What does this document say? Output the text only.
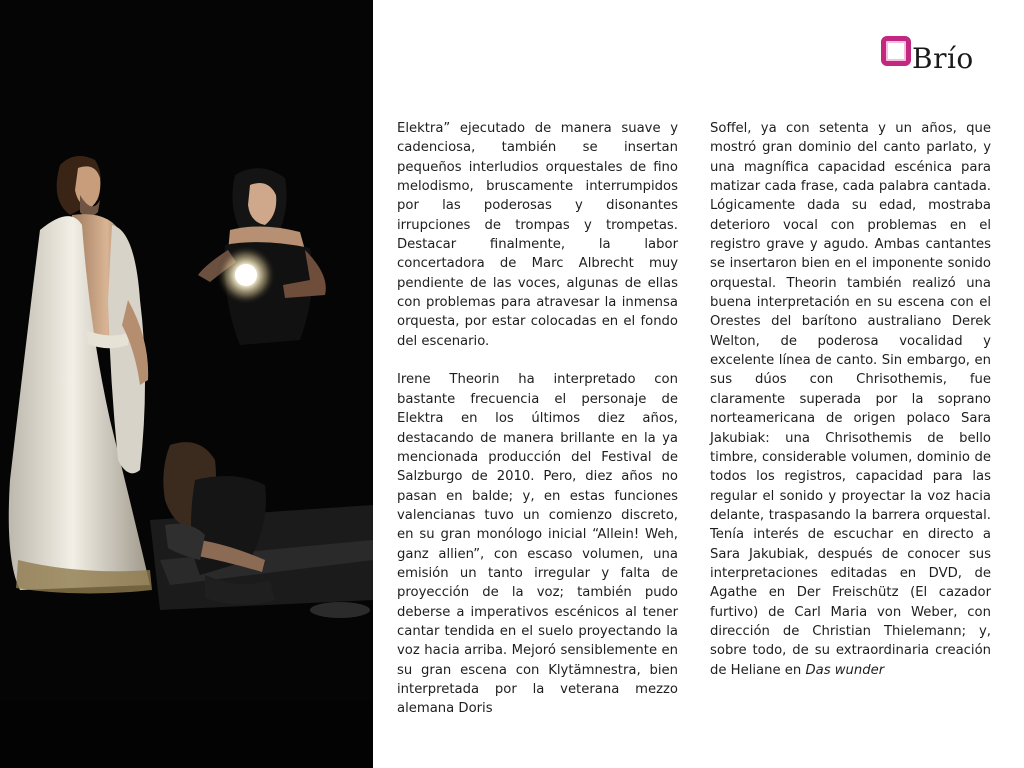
Brío

Elektra” ejecutado de manera suave y cadenciosa, también se insertan pequeños interludios orquestales de fino melodismo, bruscamente interrumpidos por las poderosas y disonantes irrupciones de trompas y trompetas. Destacar finalmente, la labor concertadora de Marc Albrecht muy pendiente de las voces, algunas de ellas con problemas para atravesar la inmensa orquesta, por estar colocadas en el fondo del escenario.

Irene Theorin ha interpretado con bastante frecuencia el personaje de Elektra en los últimos diez años, destacando de manera brillante en la ya mencionada producción del Festival de Salzburgo de 2010. Pero, diez años no pasan en balde; y, en estas funciones valencianas tuvo un comienzo discreto, en su gran monólogo inicial “Allein! Weh, ganz allien”, con escaso volumen, una emisión un tanto irregular y falta de proyección de la voz; también pudo deberse a imperativos escénicos al tener cantar tendida en el suelo proyectando la voz hacia arriba. Mejoró sensiblemente en su gran escena con Klytämnestra, bien interpretada por la veterana mezzo alemana Doris

Soffel, ya con setenta y un años, que mostró gran dominio del canto parlato, y una magnífica capacidad escénica para matizar cada frase, cada palabra cantada. Lógicamente dada su edad, mostraba deterioro vocal con problemas en el registro grave y agudo. Ambas cantantes se insertaron bien en el imponente sonido orquestal. Theorin también realizó una buena interpretación en su escena con el Orestes del barítono australiano Derek Welton, de poderosa vocalidad y excelente línea de canto. Sin embargo, en sus dúos con Chrisothemis, fue claramente superada por la soprano norteamericana de origen polaco Sara Jakubiak: una Chrisothemis de bello timbre, considerable volumen, dominio de todos los registros, capacidad para las regular el sonido y proyectar la voz hacia delante, traspasando la barrera orquestal. Tenía interés de escuchar en directo a Sara Jakubiak, después de conocer sus interpretaciones editadas en DVD, de Agathe en Der Freischütz (El cazador furtivo) de Carl Maria von Weber, con dirección de Christian Thielemann; y, sobre todo, de su extraordinaria creación de Heliane en Das wunder
